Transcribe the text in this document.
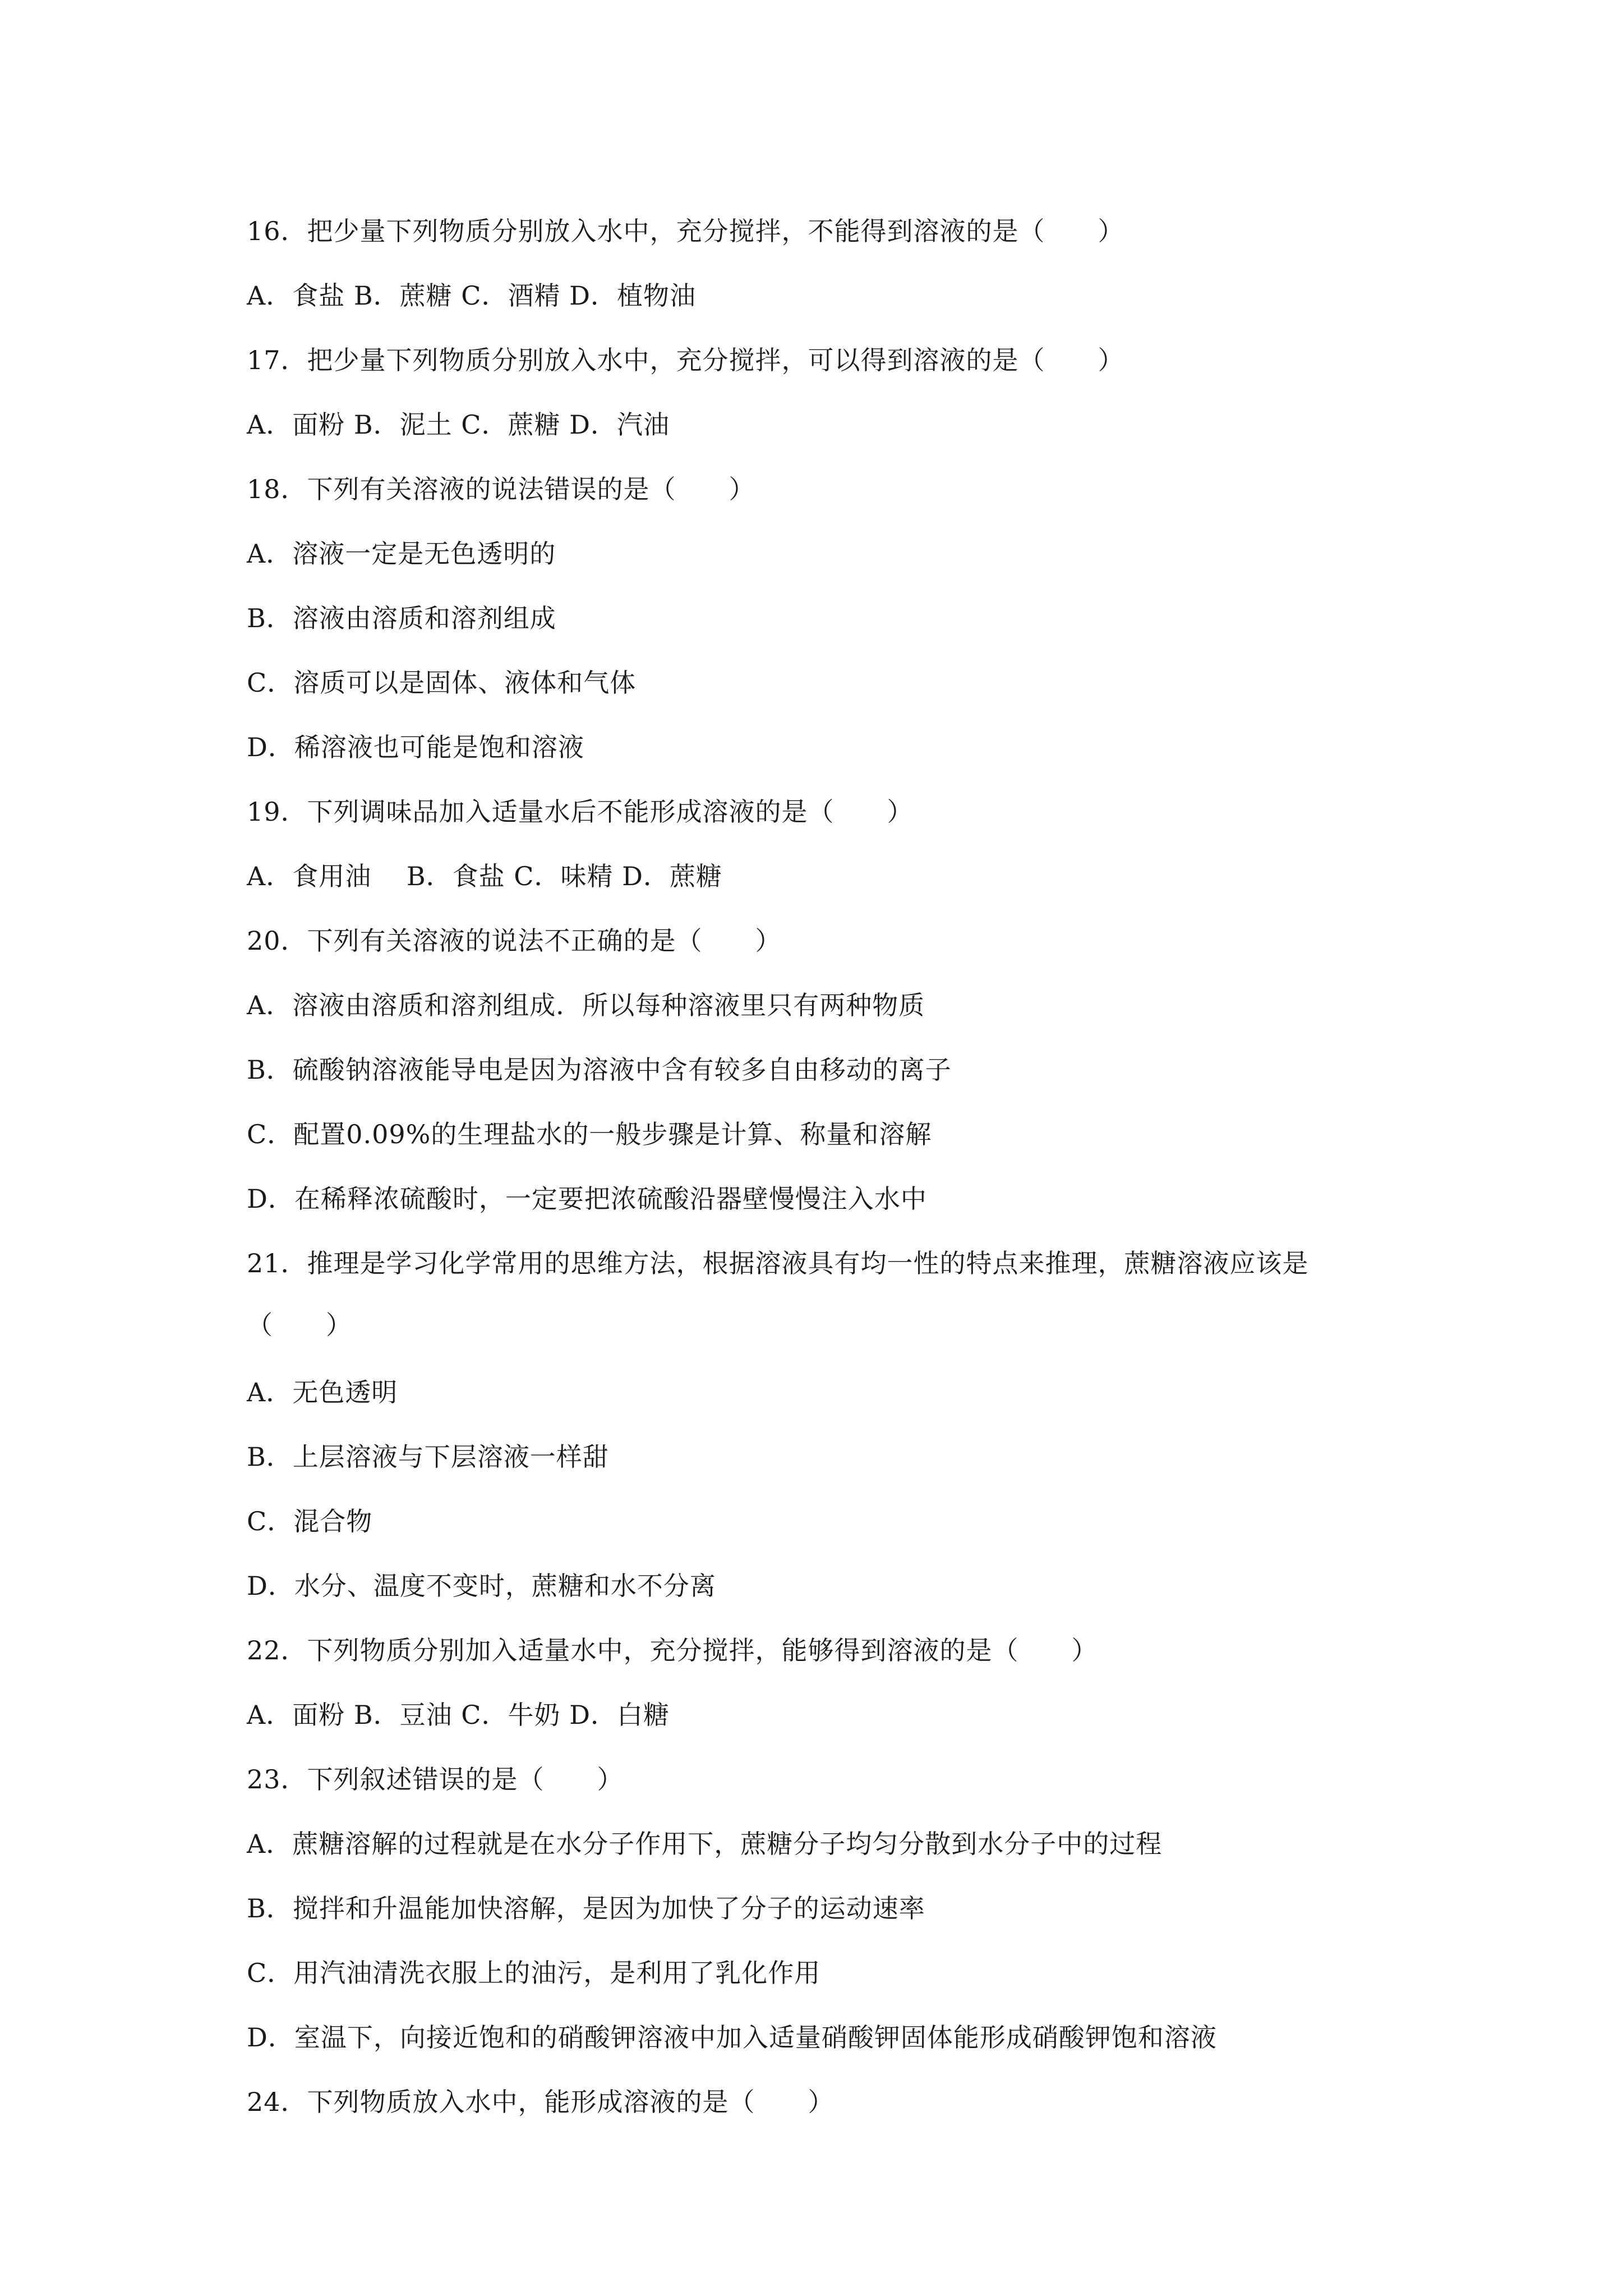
16．把少量下列物质分别放入水中，充分搅拌，不能得到溶液的是（　　）
A．食盐 B．蔗糖 C．酒精 D．植物油
17．把少量下列物质分别放入水中，充分搅拌，可以得到溶液的是（　　）
A．面粉 B．泥土 C．蔗糖 D．汽油
18．下列有关溶液的说法错误的是（　　）
A．溶液一定是无色透明的
B．溶液由溶质和溶剂组成
C．溶质可以是固体、液体和气体
D．稀溶液也可能是饱和溶液
19．下列调味品加入适量水后不能形成溶液的是（　　）
A．食用油　 B．食盐 C．味精 D．蔗糖
20．下列有关溶液的说法不正确的是（　　）
A．溶液由溶质和溶剂组成．所以每种溶液里只有两种物质
B．硫酸钠溶液能导电是因为溶液中含有较多自由移动的离子
C．配置0.09%的生理盐水的一般步骤是计算、称量和溶解
D．在稀释浓硫酸时，一定要把浓硫酸沿器壁慢慢注入水中
21．推理是学习化学常用的思维方法，根据溶液具有均一性的特点来推理，蔗糖溶液应该是
（　　）
A．无色透明
B．上层溶液与下层溶液一样甜
C．混合物
D．水分、温度不变时，蔗糖和水不分离
22．下列物质分别加入适量水中，充分搅拌，能够得到溶液的是（　　）
A．面粉 B．豆油 C．牛奶 D．白糖
23．下列叙述错误的是（　　）
A．蔗糖溶解的过程就是在水分子作用下，蔗糖分子均匀分散到水分子中的过程
B．搅拌和升温能加快溶解，是因为加快了分子的运动速率
C．用汽油清洗衣服上的油污，是利用了乳化作用
D．室温下，向接近饱和的硝酸钾溶液中加入适量硝酸钾固体能形成硝酸钾饱和溶液
24．下列物质放入水中，能形成溶液的是（　　）
